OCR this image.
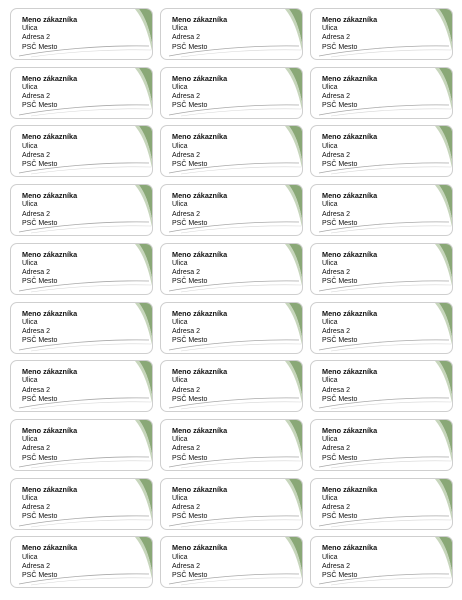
Meno zákazníka
Ulica
Adresa 2
PSČ Mesto
Meno zákazníka
Ulica
Adresa 2
PSČ Mesto
Meno zákazníka
Ulica
Adresa 2
PSČ Mesto
Meno zákazníka
Ulica
Adresa 2
PSČ Mesto
Meno zákazníka
Ulica
Adresa 2
PSČ Mesto
Meno zákazníka
Ulica
Adresa 2
PSČ Mesto
Meno zákazníka
Ulica
Adresa 2
PSČ Mesto
Meno zákazníka
Ulica
Adresa 2
PSČ Mesto
Meno zákazníka
Ulica
Adresa 2
PSČ Mesto
Meno zákazníka
Ulica
Adresa 2
PSČ Mesto
Meno zákazníka
Ulica
Adresa 2
PSČ Mesto
Meno zákazníka
Ulica
Adresa 2
PSČ Mesto
Meno zákazníka
Ulica
Adresa 2
PSČ Mesto
Meno zákazníka
Ulica
Adresa 2
PSČ Mesto
Meno zákazníka
Ulica
Adresa 2
PSČ Mesto
Meno zákazníka
Ulica
Adresa 2
PSČ Mesto
Meno zákazníka
Ulica
Adresa 2
PSČ Mesto
Meno zákazníka
Ulica
Adresa 2
PSČ Mesto
Meno zákazníka
Ulica
Adresa 2
PSČ Mesto
Meno zákazníka
Ulica
Adresa 2
PSČ Mesto
Meno zákazníka
Ulica
Adresa 2
PSČ Mesto
Meno zákazníka
Ulica
Adresa 2
PSČ Mesto
Meno zákazníka
Ulica
Adresa 2
PSČ Mesto
Meno zákazníka
Ulica
Adresa 2
PSČ Mesto
Meno zákazníka
Ulica
Adresa 2
PSČ Mesto
Meno zákazníka
Ulica
Adresa 2
PSČ Mesto
Meno zákazníka
Ulica
Adresa 2
PSČ Mesto
Meno zákazníka
Ulica
Adresa 2
PSČ Mesto
Meno zákazníka
Ulica
Adresa 2
PSČ Mesto
Meno zákazníka
Ulica
Adresa 2
PSČ Mesto
